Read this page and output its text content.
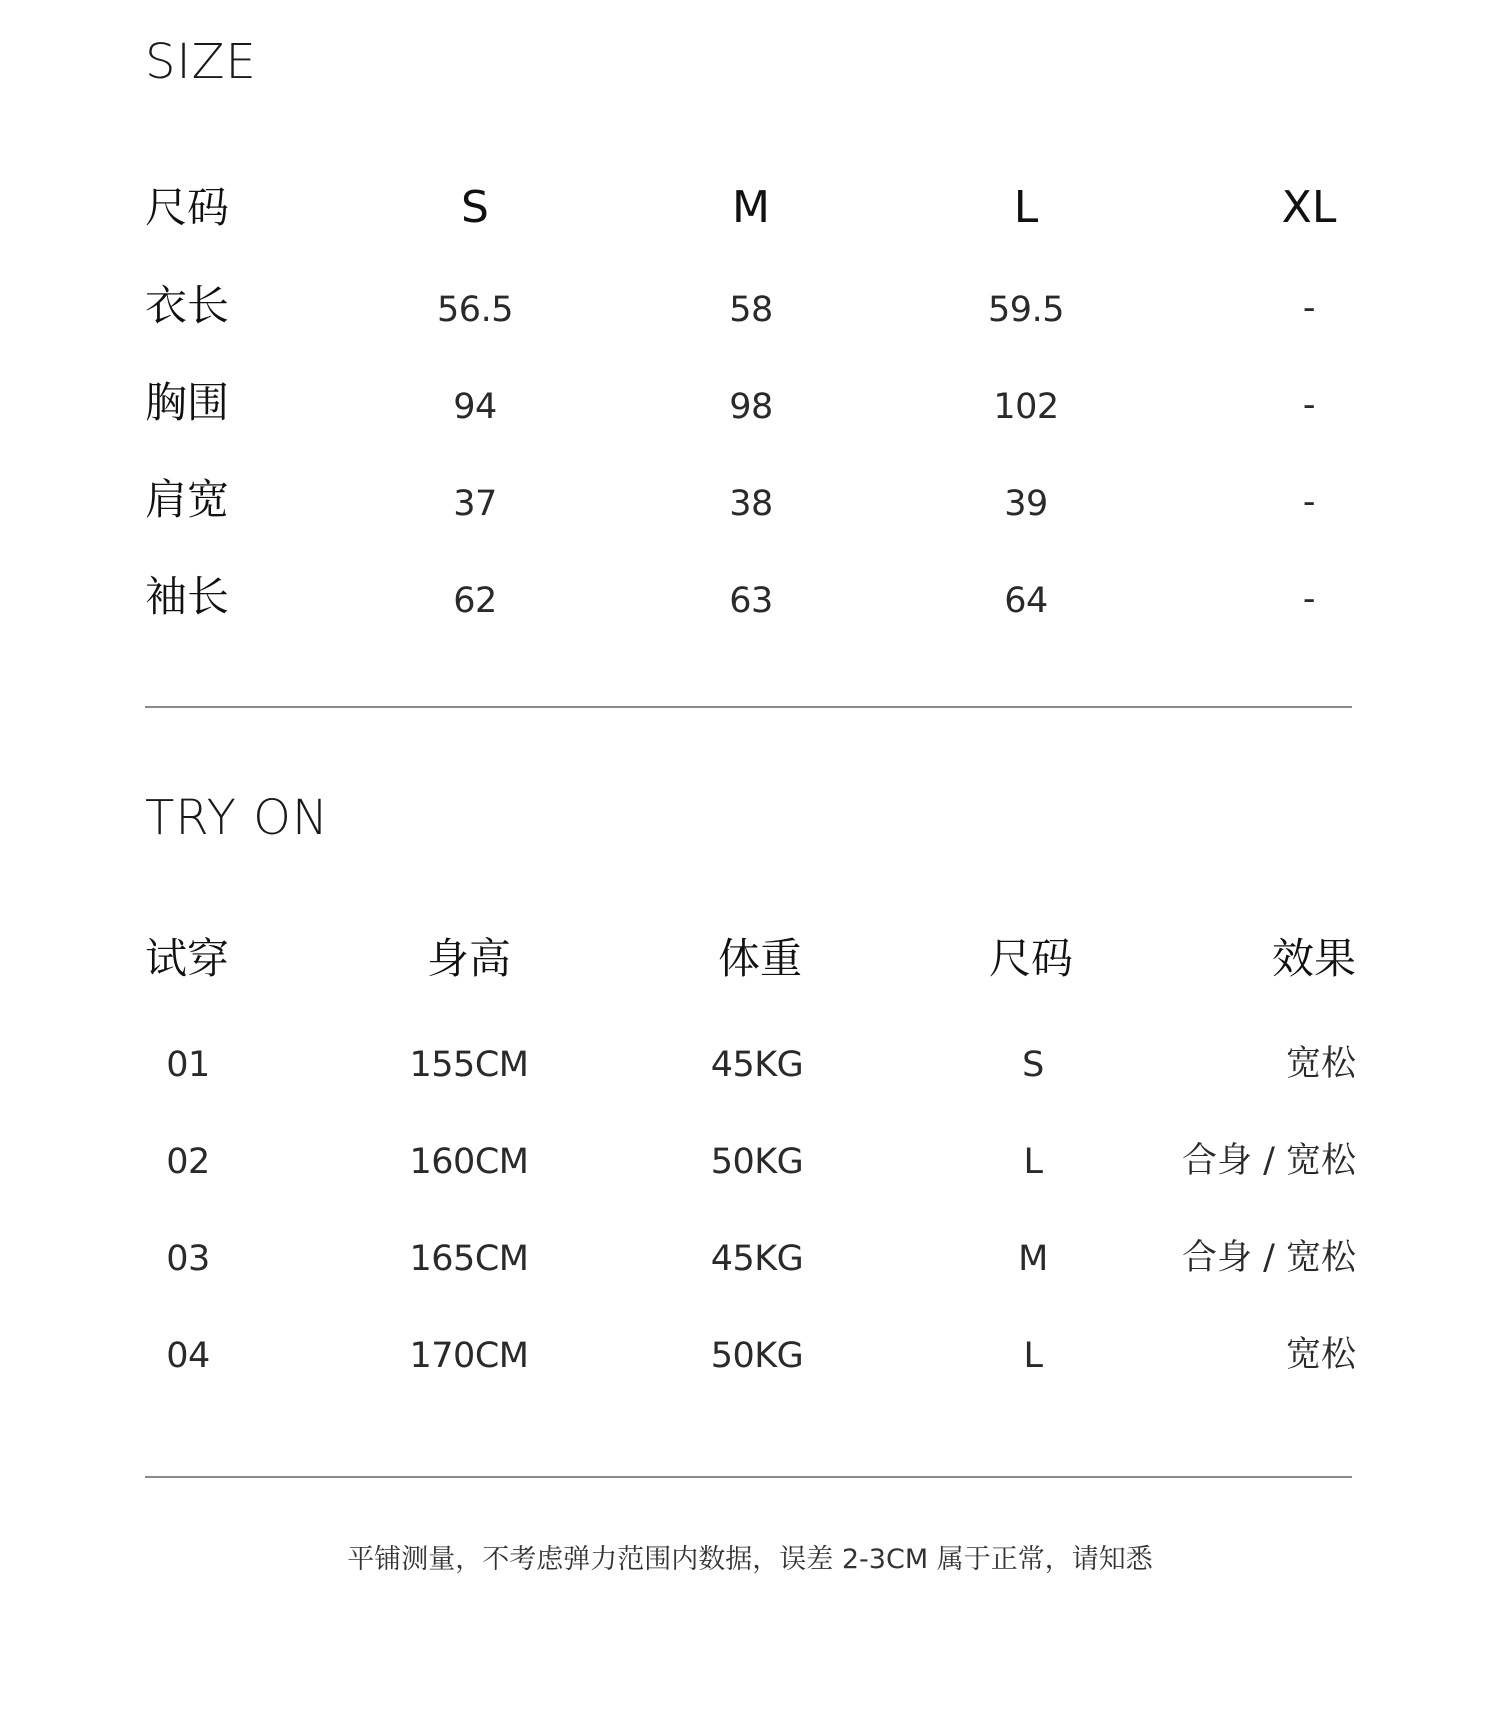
SIZE
尺码	S	M	L	XL
衣长	56.5	58	59.5	-
胸围	94	98	102	-
肩宽	37	38	39	-
袖长	62	63	64	-
TRY ON
试穿	身高	体重	尺码	效果
01	155CM	45KG	S	宽松
02	160CM	50KG	L	合身 / 宽松
03	165CM	45KG	M	合身 / 宽松
04	170CM	50KG	L	宽松
平铺测量，不考虑弹力范围内数据，误差 2-3CM 属于正常，请知悉
